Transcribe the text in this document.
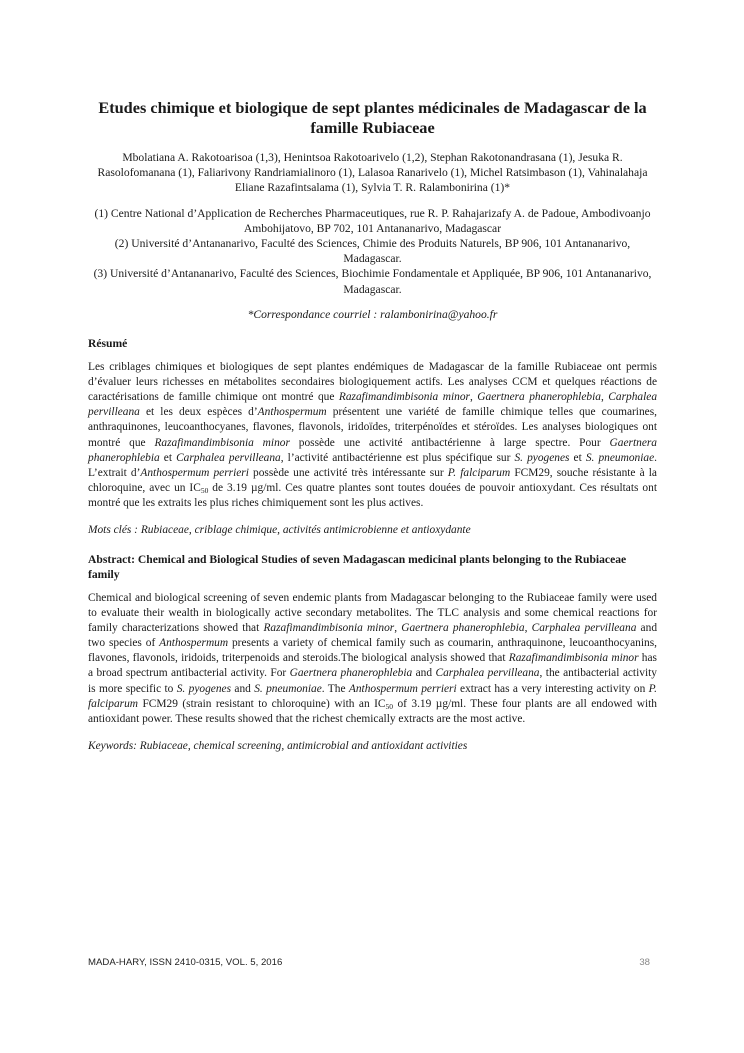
Etudes chimique et biologique de sept plantes médicinales de Madagascar de la famille Rubiaceae
Mbolatiana A. Rakotoarisoa (1,3), Henintsoa Rakotoarivelo (1,2), Stephan Rakotonandrasana (1), Jesuka R. Rasolofomanana (1), Faliarivony Randriamialinoro (1), Lalasoa Ranarivelo (1), Michel Ratsimbason (1), Vahinalahaja Eliane Razafintsalama (1), Sylvia T. R. Ralambonirina (1)*
(1) Centre National d’Application de Recherches Pharmaceutiques, rue R. P. Rahajarizafy A. de Padoue, Ambodivoanjo Ambohijatovo, BP 702, 101 Antananarivo, Madagascar
(2) Université d’Antananarivo, Faculté des Sciences, Chimie des Produits Naturels, BP 906, 101 Antananarivo, Madagascar.
(3) Université d’Antananarivo, Faculté des Sciences, Biochimie Fondamentale et Appliquée, BP 906, 101 Antananarivo, Madagascar.
*Correspondance courriel : ralambonirina@yahoo.fr
Résumé

Les criblages chimiques et biologiques de sept plantes endémiques de Madagascar de la famille Rubiaceae ont permis d’évaluer leurs richesses en métabolites secondaires biologiquement actifs. Les analyses CCM et quelques réactions de caractérisations de famille chimique ont montré que Razafimandimbisonia minor, Gaertnera phanerophlebia, Carphalea pervilleana et les deux espèces d’Anthospermum présentent une variété de famille chimique telles que coumarines, anthraquinones, leucoanthocyanes, flavones, flavonols, iridoïdes, triterpénoïdes et stéroïdes. Les analyses biologiques ont montré que Razafimandimbisonia minor possède une activité antibactérienne à large spectre. Pour Gaertnera phanerophlebia et Carphalea pervilleana, l’activité antibactérienne est plus spécifique sur S. pyogenes et S. pneumoniae. L’extrait d’Anthospermum perrieri possède une activité très intéressante sur P. falciparum FCM29, souche résistante à la chloroquine, avec un $IC_{50}$ de 3.19 µg/ml. Ces quatre plantes sont toutes douées de pouvoir antioxydant. Ces résultats ont montré que les extraits les plus riches chimiquement sont les plus actives.

Mots clés : Rubiaceae, criblage chimique, activités antimicrobienne et antioxydante
Abstract: Chemical and Biological Studies of seven Madagascan medicinal plants belonging to the Rubiaceae family

Chemical and biological screening of seven endemic plants from Madagascar belonging to the Rubiaceae family were used to evaluate their wealth in biologically active secondary metabolites. The TLC analysis and some chemical reactions for family characterizations showed that Razafimandimbisonia minor, Gaertnera phanerophlebia, Carphalea pervilleana and two species of Anthospermum presents a variety of chemical family such as coumarin, anthraquinone, leucoanthocyanins, flavones, flavonols, iridoids, triterpenoids and steroids.The biological analysis showed that Razafimandimbisonia minor has a broad spectrum antibacterial activity. For Gaertnera phanerophlebia and Carphalea pervilleana, the antibacterial activity is more specific to S. pyogenes and S. pneumoniae. The Anthospermum perrieri extract has a very interesting activity on P. falciparum FCM29 (strain resistant to chloroquine) with an $IC_{50}$ of 3.19 µg/ml. These four plants are all endowed with antioxidant power. These results showed that the richest chemically extracts are the most active.

Keywords: Rubiaceae, chemical screening, antimicrobial and antioxidant activities
MADA-HARY, ISSN 2410-0315, VOL. 5, 2016	38
